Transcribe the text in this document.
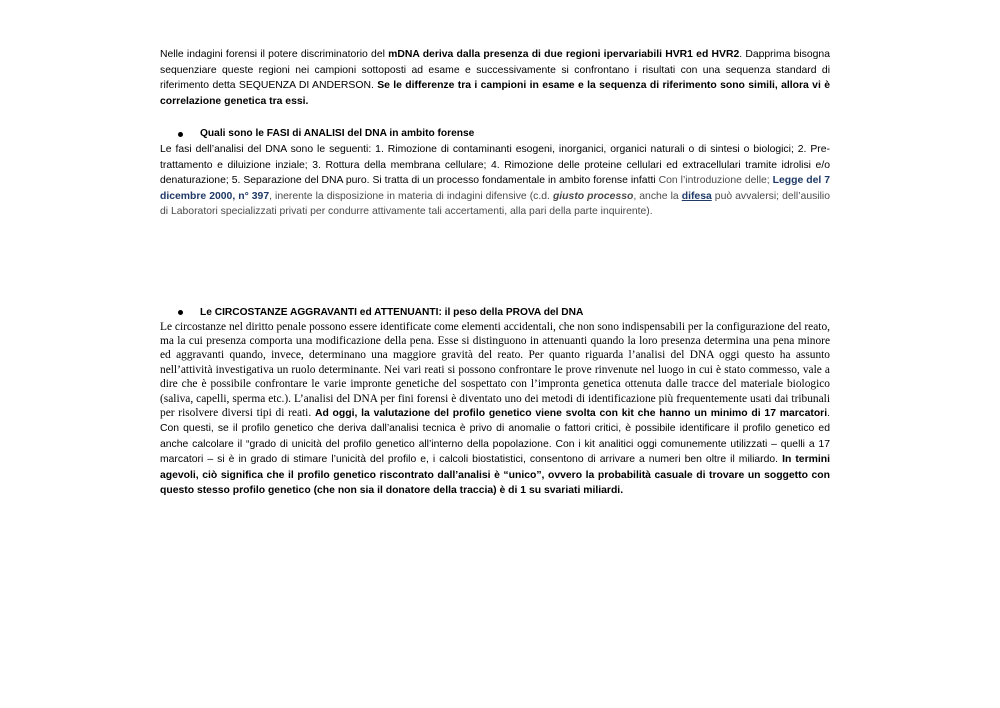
Nelle indagini forensi il potere discriminatorio del mDNA deriva dalla presenza di due regioni ipervariabili HVR1 ed HVR2. Dapprima bisogna sequenziare queste regioni nei campioni sottoposti ad esame e successivamente si confrontano i risultati con una sequenza standard di riferimento detta SEQUENZA DI ANDERSON. Se le differenze tra i campioni in esame e la sequenza di riferimento sono simili, allora vi è correlazione genetica tra essi.

Quali sono le FASI di ANALISI del DNA in ambito forense

Le fasi dell’analisi del DNA sono le seguenti: 1. Rimozione di contaminanti esogeni, inorganici, organici naturali o di sintesi o biologici; 2. Pre-trattamento e diluizione inziale; 3. Rottura della membrana cellulare; 4. Rimozione delle proteine cellulari ed extracellulari tramite idrolisi e/o denaturazione; 5. Separazione del DNA puro. Si tratta di un processo fondamentale in ambito forense infatti Con l’introduzione delle; Legge del 7 dicembre 2000, n° 397, inerente la disposizione in materia di indagini difensive (c.d. giusto processo, anche la difesa può avvalersi; dell’ausilio di Laboratori specializzati privati per condurre attivamente tali accertamenti, alla pari della parte inquirente).

Le CIRCOSTANZE AGGRAVANTI ed ATTENUANTI: il peso della PROVA del DNA

Le circostanze nel diritto penale possono essere identificate come elementi accidentali, che non sono indispensabili per la configurazione del reato, ma la cui presenza comporta una modificazione della pena. Esse si distinguono in attenuanti quando la loro presenza determina una pena minore ed aggravanti quando, invece, determinano una maggiore gravità del reato. Per quanto riguarda l’analisi del DNA oggi questo ha assunto nell’attività investigativa un ruolo determinante. Nei vari reati si possono confrontare le prove rinvenute nel luogo in cui è stato commesso, vale a dire che è possibile confrontare le varie impronte genetiche del sospettato con l’impronta genetica ottenuta dalle tracce del materiale biologico (saliva, capelli, sperma etc.). L’analisi del DNA per fini forensi è diventato uno dei metodi di identificazione più frequentemente usati dai tribunali per risolvere diversi tipi di reati. Ad oggi, la valutazione del profilo genetico viene svolta con kit che hanno un minimo di 17 marcatori. Con questi, se il profilo genetico che deriva dall’analisi tecnica è privo di anomalie o fattori critici, è possibile identificare il profilo genetico ed anche calcolare il “grado di unicità del profilo genetico all’interno della popolazione. Con i kit analitici oggi comunemente utilizzati – quelli a 17 marcatori – si è in grado di stimare l’unicità del profilo e, i calcoli biostatistici, consentono di arrivare a numeri ben oltre il miliardo. In termini agevoli, ciò significa che il profilo genetico riscontrato dall’analisi è “unico”, ovvero la probabilità casuale di trovare un soggetto con questo stesso profilo genetico (che non sia il donatore della traccia) è di 1 su svariati miliardi.
